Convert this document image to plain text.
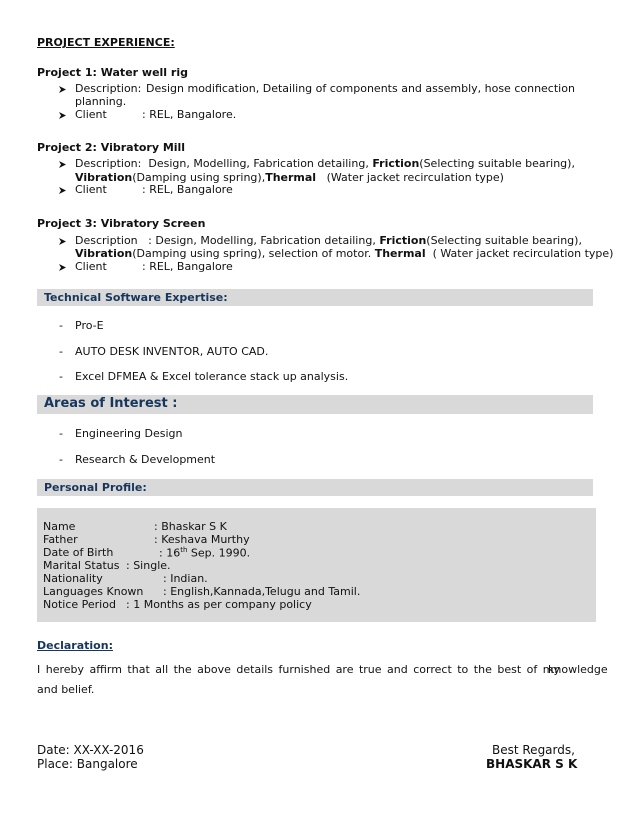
PROJECT EXPERIENCE:
Project 1: Water well rig
Description: Design modification, Detailing of components and assembly, hose connection
planning.
Client	: REL, Bangalore.
Project 2: Vibratory Mill
Description: Design, Modelling, Fabrication detailing, Friction(Selecting suitable bearing),
Vibration(Damping using spring),Thermal (Water jacket recirculation type)
Client	: REL, Bangalore
Project 3: Vibratory Screen
Description : Design, Modelling, Fabrication detailing, Friction(Selecting suitable bearing),
Vibration(Damping using spring), selection of motor. Thermal ( Water jacket recirculation type)
Client	: REL, Bangalore
Technical Software Expertise:
- Pro-E
- AUTO DESK INVENTOR, AUTO CAD.
- Excel DFMEA & Excel tolerance stack up analysis.
Areas of Interest :
- Engineering Design
- Research & Development
Personal Profile:
Name	: Bhaskar S K
Father	: Keshava Murthy
Date of Birth	: 16th Sep. 1990.
Marital Status : Single.
Nationality	: Indian.
Languages Known : English,Kannada,Telugu and Tamil.
Notice Period : 1 Months as per company policy
Declaration:
I hereby affirm that all the above details furnished are true and correct to the best of my
knowledge
and belief.
Date: XX-XX-2016
Place: Bangalore
Best Regards,
BHASKAR S K
